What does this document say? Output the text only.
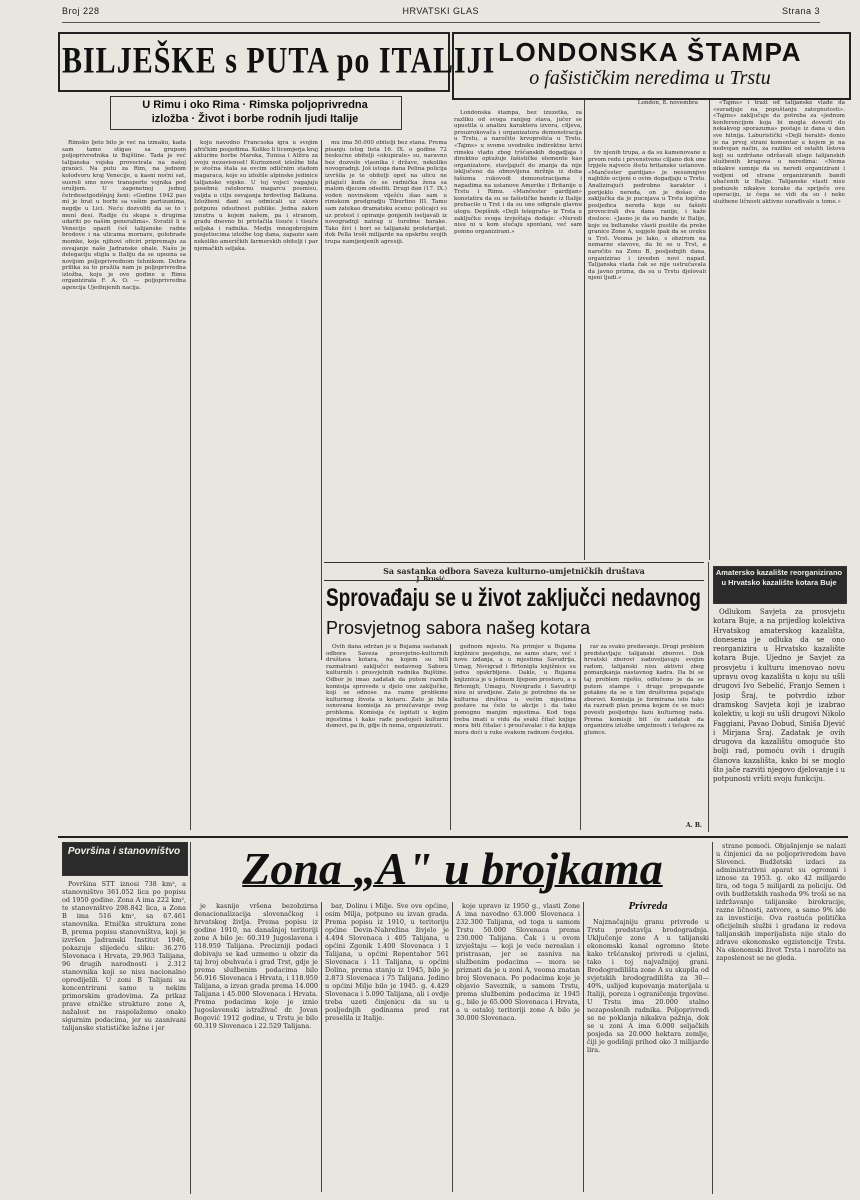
Broj 228	HRVATSKI GLAS	Strana 3
BILJEŠKE s PUTA po ITALIJI
U Rimu i oko Rima · Rimska poljoprivredna
izložba · Život i borbe rodnih ljudi Italije

Rimsko ljeto bilo je već na izmaku, kada sam tamo stigao sa grupom poljoprivrednika iz Bujštine. Tada je već talijanska vojska provocirala na našoj granici. Na putu za Rim, na jednom kolodvoru kraj Venecije, u kasni noćni sat, susreli smo nove transporte vojnika pod oružjem. U zagonetnoj jednoj četrdesetgodišnjoj ženi: «Godine 1942 pao mi je brat u borbi sa vašim partizanima, negdje u Lici. Neću dozvoliti da se to i mení desi. Radije ću skupa s drugima udariti po našim generalima». Svratiš li u Venecijo opazit ćeš talijanske radne brodove i na ulicama mornare, golobrade momke, koje njihovi oficiri pripremaju za osvajanje naše Jadranske obale. Našu je delegaciju stigla u Italiju da se upozna sa novijom poljoprivrednom tehnikom. Dobra prilika za to pružila nam je poljoprivredna izložba, koju je ove godine u Rimu organizirala F. A. O. — poljoprivredna agencija Ujedinjenih nacija.

koju navodno Francuska igra u svojim afričkim posjedima. Koliko li licemjerja kraj akturine borbe Maroka, Tunisa i Alžira za svoju nezavisnost! Kurioznost izložbe bila je stočna štala sa ovcim odličnim stadom magaraca, koje su izložile alpinske jedinice talijanske vojske. U toj vojsci vagajuju posebnu ratobornu magarcu posmisu, valjda u cilju osvajanja brdovitog Balkana. Izložbeni dani su odmicali uz skoro potpunu odsutnost publike. Jedna zakon iznutra u kojem našem, pa i stranom, gradu dnevno bi privlačila tisuće i tisuće seljaka i radnika. Medju mnogobrojnim posjetiocima izložbe tog dana, zapazio sam nekoliko američkih farmerskih obitelji i par njemačkih seljaka.

mu ima 50.000 obitelji bez stana. Prema pisanju istog lista 16. IX. o godine 72 beskućne obitelji «okupirale» su, naravno bez dozvole vlasnika i države, nekoliko novogradnji. Još istoga dana Pelina policija izvršila je te obitelji opet na ulicu ne pitajući kuda će se radnička žena sa malom djecom odseliti. Drugi dan (17. IX.) voden novinskom viješću išao sam u rimskom predgradju Tiburtino III. Tamo sam zatekao dramatsku scenu: policajci su uz protest i opiranje gonjenih iseljavali iz novogradnji natrag u turobne barake. Tako živi i bori se talijanski proletarijat, dok Pella troši milijarde na opskrbu svojih trupa namijenjenih agresiji.

LONDONSKA ŠTAMPA
o fašističkim neredima u Trstu
London, 8. novembra

Londonska štampa, bez izuzetka, za razliku od svoga ranijeg stava, jučer se upustila u analizu karaktera izvora, ciljeva, prouzrokovača i organizatora demonstracija u Trstu, a naročito krvoprolića u Trstu. «Tajms» u svome uvodniku indirektno krivi rimsku vladu zbog tršćanskih dogadjaja i direktno optužuje fašističke elemente kao organizatore, stavljajući do znanja da nije isključeno da obnovljena mržnja iz doba fašizma rukovodi demonstracijama i napadima na ustanove Amerike i Britanije u Trstu i Rimu. «Mančester gardijan» konstatira da su se fašističke bande iz Italije prebacile u Trst i da su one odigrale glavnu ulogu. Depišnik «Dejli telegrafa» iz Trsta u zaključku svoga izvještaja dodaje: «Neredi nisu ni u kom slučaju spontani, već sam pomno organizirani.»

tiv njenih trupa, a da su kamenovane u prvom redu i prvenstveno ciljano dok one trpjele najvećo štetu britanske ustanove. «Mančester gardijan» je nesumnjivo najbliže ocijeni o ovim dogadjaju u Trstu. Analizirajući podrobno karakter i porijeklo nereda, on je došao do zaključka da je pucnjava u Trstu logična posljedica nereda koje su fašisti provocirali dva dana ranije, i kaže dosloce: «Jasno je da su bande iz Italije, koje su beltanske vlasti pustile da preko granice Zone A, uspjele ipak da se uvuku u Trst. Veoma je lako, s obzirom na nemarne stavove, da bi se u Trst, a naročito na Zonu B, posljednjih dana, organizirao i izveden novi napad. Talijanska vlada čak se nije ustručavala da javno prizna, da su u Trstu djelovali njeni ljudi.»

«Tajms» i traži od talijanske vlade da «suradjuje na popuštanju zategnutosti». «Tajms» zaključuje da potreba za «jednom konferencijom koja bi mogla dovesti do nekakvog sporazuma» postaje iz dana u dan sve hitnija. Laburistički «Dejli herald» donio je na prvoj strani komentar u kojem je na nedvojan način, za razliku od ostalih listova koji su uzdržano održavali uloge talijanskih službenih krugova u neredima: «Nema nikakve sumnje da su neredi organizirani i vodjeni od strane organiziranih bandi ubačenih iz Italije. Talijanske vlasti nisu poduzele nikakve korake da spriječe ovu operaciju, iz čega se vidi da su i neke službene ličnosti aktivno surađivale u tome.»

Sa sastanka odbora Saveza kulturno-umjetničkih društava
Sprovađaju se u život zaključci nedavnog
Prosvjetnog sabora našeg kotara

Ovih dana održan je u Bujama sastanak odbora Saveza prosvjetno-kulturnih društava kotara, na kojem su bili razmatrani zaključci nedavnog Sabora kulturnih i prosvjetnih radnika Bujštine. Odbor je imao zadatak da putem raznih komisija sprovede u djelo one zaključke, koji se odnose na razne probleme kulturnog života u kotaru. Zato je bila osnovana komisija za proučavanje ovog problema. Komisija će ispitati u kojim mjestima i kako rade postojeći kulturni domovi, pa ih, gdje ih nema, organizirati.

gednom mjestu. Na primjer u Bujama knjižnice posjeduju, ne samo stare, već i nove izdanja, a u mjestima Savudrija, Umag, Novigrad i Brtonigla knjižnice su jedva opskrbljene. Dakle, u Bujama knjiznica je u jednom lijepom prostoru, a u Brtonigli, Umagu, Novigradu i Savudriji nisu ni uredjene. Zato je potrebno da se kulturna društva u većim mjestima postave na čelo te akcije i da tako pomognu manjim mjestima. Kod toga treba imati u vidu da svaki čitač knjige mora biti čitalac i proučavalac i da knjiga mora doći u ruke svakom radnom čovjeku.

rar za svako predavanje. Drugi problem predstavljaju talijanski zborovi. Dok hrvatski zborovi zadovoljavaju svojim radom, talijanski nisu aktivni zbog pomanjkanja nastavnog kadra. Da bi se taj problem riješio, odlučeno je da se putem stampe i druge propagande potakne da se u tim društvima pojačaju zborovi. Komisija je formirana isto tako da razradi plan prema kojem će se moći povesti posljednju fazu kulturnog rada. Prema komisiji bit će zadatak da organizira izložbe umjetnosti i tečajeve za glumce.

A. B.
Amatersko kazalište reorganizirano u Hrvatsko kazalište kotara Buje

Odlukom Savjeta za prosvjetu kotara Buje, a na prijedlog kolektiva Hrvatskog amaterskog kazališta, donesena je odluka da se ono reorganizira u Hrvatsko kazalište kotara Buje. Ujedno je Savjet za prosvjetu i kulturu imenovao novu upravu ovog kazališta u koju su ušli drugovi Ivo Sebelić, Franjo Semen i Josip Šraj, te potvrdio izbor dramskog Savjeta koji je izabrao kolektiv, u koji su ušli drugovi Nikolo Faggiani, Pavao Dobud, Siniša Djević i Mirjana Šraj. Zadatak je ovih drugova da kazalištu omoguće što bolji rad, pomoću ovih i drugih članova kazališta, kako bi se moglo što jače razviti njegovo djelovanje i u potpunosti vršiti svoju funkciju.

Površina i stanovništvo

Površina STT iznosi 738 km², a stanovništvo 361.052 lica po popisu od 1950 godine. Zona A ima 222 km², te stanovništvo 298.842 lica, a Zona B ima 516 km², sa 67.461 stanovnika. Etnička struktura zone B, prema popisu stanovništva, koji je izvršen Jadranski Institut 1946, pokazuje slijedeću sliku: 36.276 Slovenaca i Hrvata, 29.963 Talijana, 96 drugih narodnosti i 2.312 stanovnika koji se nisu nacionalno opredijelili. U zoni B Talijani su koncentrirani samo u nekim primorskim gradovima. Za prikaz prave etničke strukture zone A, nažalost ne raspolažemo onako sigurnim podacima, jer su zasnivani talijanske statističke lažne i jer

Zona „A" u brojkama

je kasnije vršena bezobzirna denacionalizacija slovenačkog i hrvatskog življa. Prema popisu iz godine 1910, na današnjoj teritoriji zone A bilo je: 60.319 Jugoslavena i 118.959 Talijana. Precizniji podaci dobivaju se kad uzmemo u obzir da taj broj obuhvaća i grad Trst, gdje je prema službenim podacima bilo 56.916 Slovenaca i Hrvata, i 118.959 Talijana, a izvan grada prema 14.000 Talijana i 45.000 Slovenaca i Hrvata. Prema podacima koje je iznio Jugoslavenski istraživač dr. Jovan Bogović 1912 godine, u Trstu je bilo 60.319 Slovenaca i 22.529 Talijana.

bar, Dolinu i Milje. Sve ove općine, osim Milja, potpuno su izvan grada. Prema popisu iz 1910, u teritoriju općine Devin-Nabrežina živjelo je 4.494 Slovenaca i 405 Talijana, u općini Zgonik 1.400 Slovenaca i 1 Talijana, u općini Repentabor 561 Slovenaca i 11 Talijana, u općini Dolina, prema stanju iz 1945, bilo je 2.873 Slovenaca i 75 Talijana. Jedino u općini Milje bilo je 1945. g. 4.429 Slovenaca i 5.090 Talijana, ali i ovdje treba uzeti činjenicu da su u posljednjih godinama pred rat preselila iz Italije.

koje upravo iz 1950 g., vlasti Zone A ima navodno 63.000 Slovenaca i 232.300 Talijana, od toga u samom Trstu 50.000 Slovenaca prema 230.000 Talijana. Čak i u ovom izvještaju — koji je veće nerealan i pristrasan, jer se zasniva na službenim podacima — mora se priznati da je u zoni A, veoma znatan broj Slovenaca. Po podacima koje je objavio Saveznik, u samom Trstu, prema službenim podacima iz 1945 g., bilo je 65.000 Slovenaca i Hrvata, a u ostaloj teritoriji zone A bilo je 30.000 Slovenaca.

Privreda

Najznačajniju granu privrede u Trstu predstavlja brodogradnja. Uključenje zone A u talijanski ekonomski kanal ogromno štete kako tršćanskoj privredi u cjelini, tako i toj najvažnijoj grani. Brodogradilišta zone A su skupila od svjetskih brodogradilišta za 30—40%, uslijed kupovanja materijala u Italiji, poreza i ograničenja trgovine. U Trstu ima 20.000 stalno nezaposlenih radnika. Poljoprivredi se ne poklanja nikakva pažnja, dok se u zoni A ima 6.000 seljačkih posjeda sa 20.000 hektara zemlje, čiji je godišnji prihod oko 3 milijarde lira.

strane pomoći. Objašnjenje se nalazi u činjenici da se poljoprivredom bave Slovenci. Budžetski izdaci za administrativni aparat su ogromni i iznose za 1953. g. oko 42 milijarde lira, od toga 5 milijardi za policiju. Od ovih budžetskih rashoda 9% troši se na izdržavanje talijanske birokracije, razne ličnosti, zatvore, a samo 9% ide za investicije. Ova rastuća politička oficijelnih službi i građana iz redova talijanskih imperijalista nije stalo do zdrave ekonomske egzistencije Trsta. Na ekonomski život Trsta i naročito na zaposlenost se ne gleda.
